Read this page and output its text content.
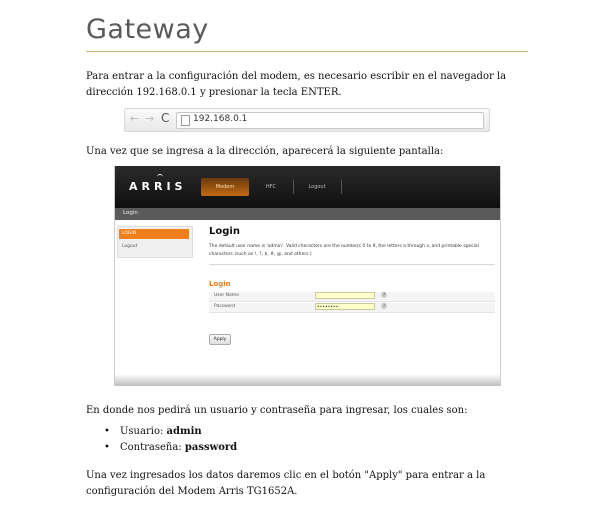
Gateway
Para entrar a la configuración del modem, es necesario escribir en el navegador la dirección 192.168.0.1 y presionar la tecla ENTER.
← → C	192.168.0.1
Una vez que se ingresa a la dirección, aparecerá la siguiente pantalla:
ARRIS	Modem	HFC	Logout
Login
LOGIN
Logout
Login
The default user name is 'admin'. Valid characters are the numbers 0 to 9, the letters a through z, and printable special characters (such as !, ?, $, #, @, and others.)
Login
User Name	?
Password	••••••••	?
Apply
En donde nos pedirá un usuario y contraseña para ingresar, los cuales son:
• Usuario: admin
• Contraseña: password
Una vez ingresados los datos daremos clic en el botón "Apply" para entrar a la configuración del Modem Arris TG1652A.
